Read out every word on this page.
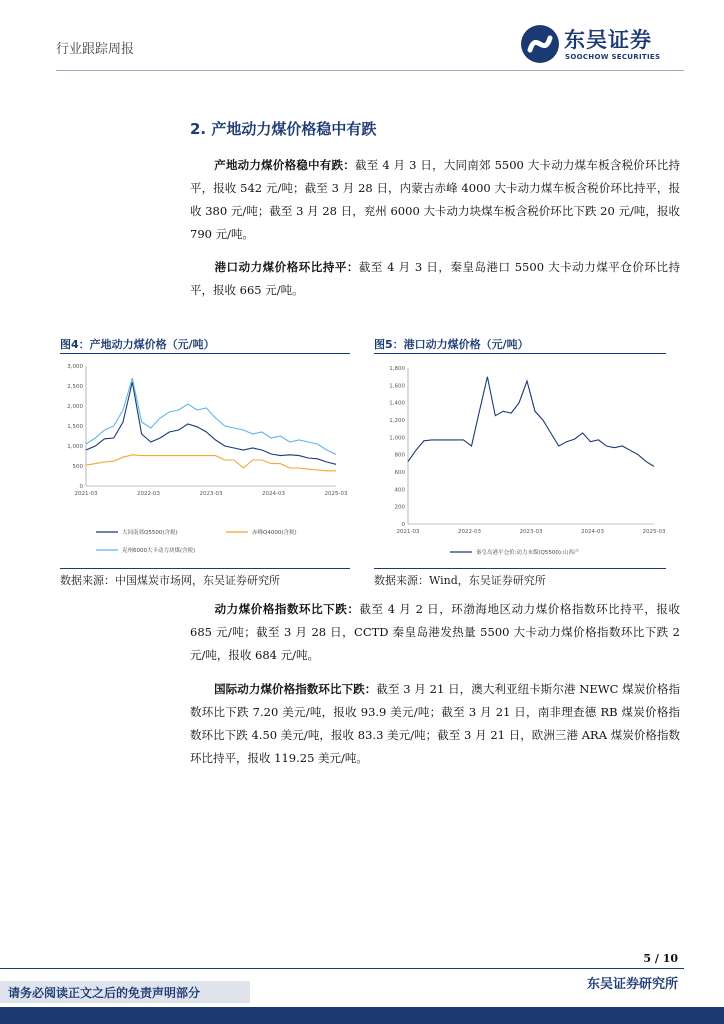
行业跟踪周报	东吴证券
SOOCHOW SECURITIES
2. 产地动力煤价格稳中有跌
产地动力煤价格稳中有跌：截至 4 月 3 日，大同南郊 5500 大卡动力煤车板含税价环比持平，报收 542 元/吨；截至 3 月 28 日，内蒙古赤峰 4000 大卡动力煤车板含税价环比持平，报收 380 元/吨；截至 3 月 28 日，兖州 6000 大卡动力块煤车板含税价环比下跌 20 元/吨，报收 790 元/吨。
港口动力煤价格环比持平：截至 4 月 3 日，秦皇岛港口 5500 大卡动力煤平仓价环比持平，报收 665 元/吨。
图4：产地动力煤价格（元/吨）
0
500
1,000
1,500
2,000
2,500
3,000
2021-03	2022-03	2023-03	2024-03	2025-03
大同南郊Q5500(含税)	赤峰Q4000(含税)
兖州6000大卡动力块煤(含税)
数据来源：中国煤炭市场网，东吴证券研究所
图5：港口动力煤价格（元/吨）
0
200
400
600
800
1,000
1,200
1,400
1,600
1,800
2021-03	2022-03	2023-03	2024-03	2025-03
秦皇岛港平仓价:动力末煤(Q5500):山西产
数据来源：Wind，东吴证券研究所
动力煤价格指数环比下跌：截至 4 月 2 日，环渤海地区动力煤价格指数环比持平，报收 685 元/吨；截至 3 月 28 日，CCTD 秦皇岛港发热量 5500 大卡动力煤价格指数环比下跌 2 元/吨，报收 684 元/吨。
国际动力煤价格指数环比下跌：截至 3 月 21 日，澳大利亚纽卡斯尔港 NEWC 煤炭价格指数环比下跌 7.20 美元/吨，报收 93.9 美元/吨；截至 3 月 21 日，南非理查德 RB 煤炭价格指数环比下跌 4.50 美元/吨，报收 83.3 美元/吨；截至 3 月 21 日，欧洲三港 ARA 煤炭价格指数环比持平，报收 119.25 美元/吨。
5 / 10
东吴证券研究所
请务必阅读正文之后的免责声明部分
